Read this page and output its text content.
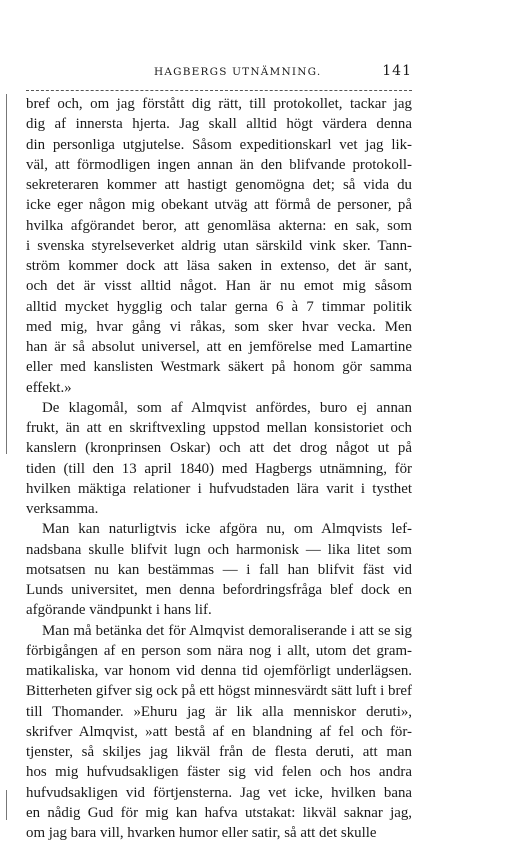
HAGBERGS UTNÄMNING.	141
bref och, om jag förstått dig rätt, till protokollet, tackar jag
dig af innersta hjerta. Jag skall alltid högt värdera denna
din personliga utgjutelse. Såsom expeditionskarl vet jag lik-
väl, att förmodligen ingen annan än den blifvande protokoll-
sekreteraren kommer att hastigt genomögna det; så vida du
icke eger någon mig obekant utväg att förmå de personer, på
hvilka afgörandet beror, att genomläsa akterna: en sak, som
i svenska styrelseverket aldrig utan särskild vink sker. Tann-
ström kommer dock att läsa saken in extenso, det är sant,
och det är visst alltid något. Han är nu emot mig såsom
alltid mycket hygglig och talar gerna 6 à 7 timmar politik
med mig, hvar gång vi råkas, som sker hvar vecka. Men
han är så absolut universel, att en jemförelse med Lamartine
eller med kanslisten Westmark säkert på honom gör samma
effekt.»
De klagomål, som af Almqvist anfördes, buro ej annan
frukt, än att en skriftvexling uppstod mellan konsistoriet och
kanslern (kronprinsen Oskar) och att det drog något ut på
tiden (till den 13 april 1840) med Hagbergs utnämning, för
hvilken mäktiga relationer i hufvudstaden lära varit i tysthet
verksamma.
Man kan naturligtvis icke afgöra nu, om Almqvists lef-
nadsbana skulle blifvit lugn och harmonisk — lika litet som
motsatsen nu kan bestämmas — i fall han blifvit fäst vid
Lunds universitet, men denna befordringsfråga blef dock en
afgörande vändpunkt i hans lif.
Man må betänka det för Almqvist demoraliserande i att se sig
förbigången af en person som nära nog i allt, utom det gram-
matikaliska, var honom vid denna tid ojemförligt underlägsen.
Bitterheten gifver sig ock på ett högst minnesvärdt sätt luft i bref
till Thomander. »Ehuru jag är lik alla menniskor deruti»,
skrifver Almqvist, »att bestå af en blandning af fel och för-
tjenster, så skiljes jag likväl från de flesta deruti, att man
hos mig hufvudsakligen fäster sig vid felen och hos andra
hufvudsakligen vid förtjensterna. Jag vet icke, hvilken bana
en nådig Gud för mig kan hafva utstakat: likväl saknar jag,
om jag bara vill, hvarken humor eller satir, så att det skulle
